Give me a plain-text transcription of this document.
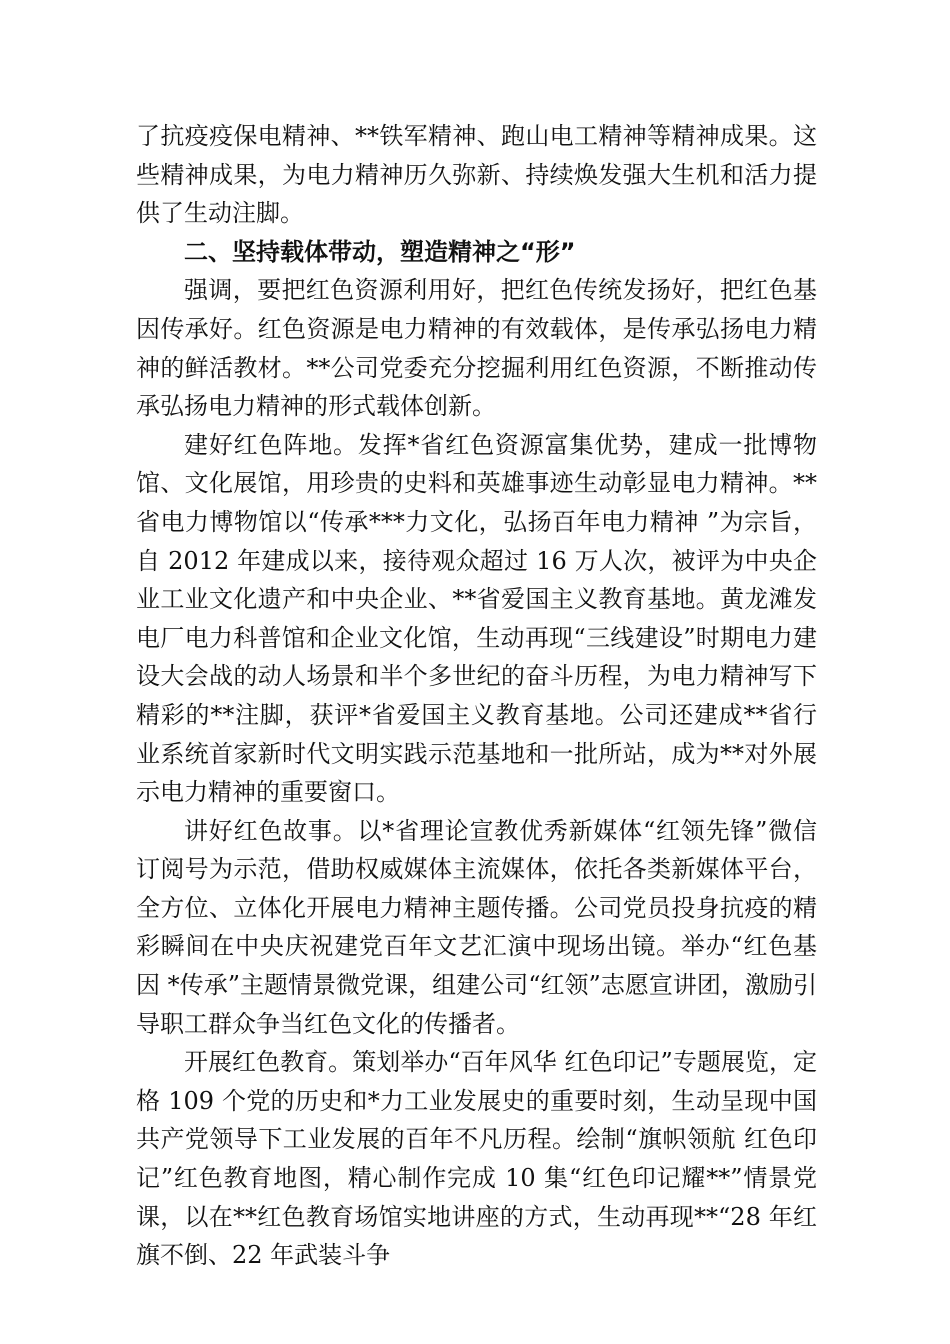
了抗疫疫保电精神、**铁军精神、跑山电工精神等精神成果。这些精神成果，为电力精神历久弥新、持续焕发强大生机和活力提供了生动注脚。

二、坚持载体带动，塑造精神之“形”

强调，要把红色资源利用好，把红色传统发扬好，把红色基因传承好。红色资源是电力精神的有效载体，是传承弘扬电力精神的鲜活教材。**公司党委充分挖掘利用红色资源，不断推动传承弘扬电力精神的形式载体创新。

建好红色阵地。发挥*省红色资源富集优势，建成一批博物馆、文化展馆，用珍贵的史料和英雄事迹生动彰显电力精神。**省电力博物馆以“传承***力文化，弘扬百年电力精神 ”为宗旨，自 2012 年建成以来，接待观众超过 16 万人次，被评为中央企业工业文化遗产和中央企业、**省爱国主义教育基地。黄龙滩发电厂电力科普馆和企业文化馆，生动再现“三线建设”时期电力建设大会战的动人场景和半个多世纪的奋斗历程，为电力精神写下精彩的**注脚，获评*省爱国主义教育基地。公司还建成**省行业系统首家新时代文明实践示范基地和一批所站，成为**对外展示电力精神的重要窗口。

讲好红色故事。以*省理论宣教优秀新媒体“红领先锋”微信订阅号为示范，借助权威媒体主流媒体，依托各类新媒体平台，全方位、立体化开展电力精神主题传播。公司党员投身抗疫的精彩瞬间在中央庆祝建党百年文艺汇演中现场出镜。举办“红色基因 *传承”主题情景微党课，组建公司“红领”志愿宣讲团，激励引导职工群众争当红色文化的传播者。

开展红色教育。策划举办“百年风华 红色印记”专题展览，定格 109 个党的历史和*力工业发展史的重要时刻，生动呈现中国共产党领导下工业发展的百年不凡历程。绘制“旗帜领航 红色印记”红色教育地图，精心制作完成 10 集“红色印记耀**”情景党课，以在**红色教育场馆实地讲座的方式，生动再现**“28 年红旗不倒、22 年武装斗争
